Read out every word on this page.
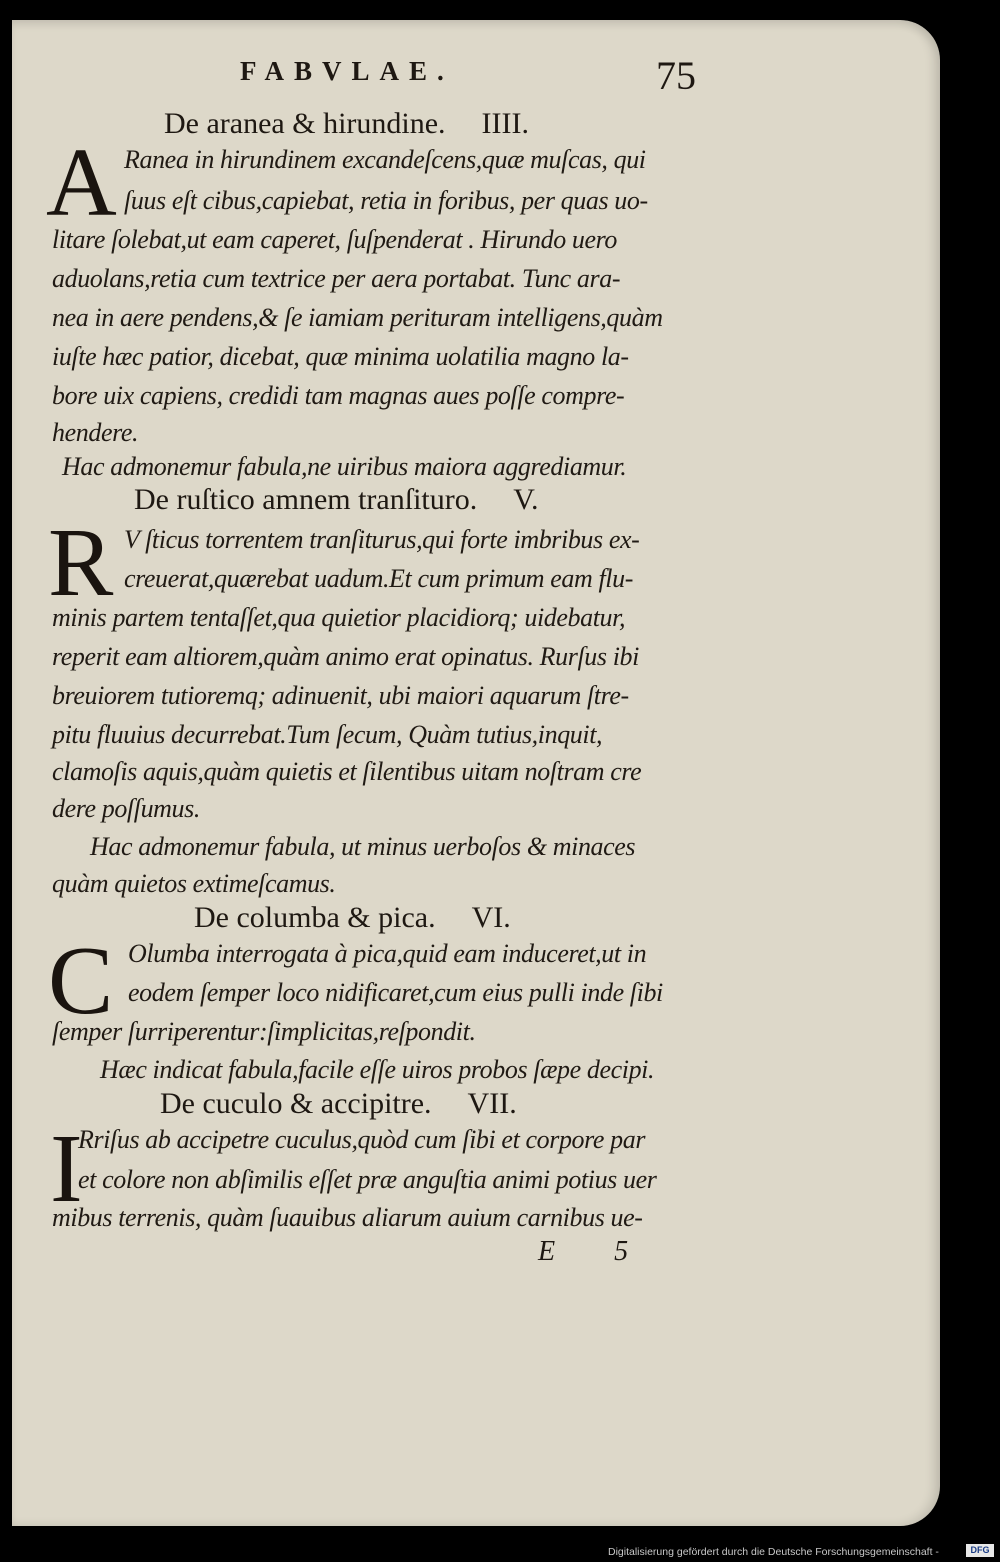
FABVLAE.	75

De aranea & hirundine. IIII.

A Ranea in hirundinem excandeſcens,quæ muſcas, qui

ſuus eſt cibus,capiebat, retia in foribus, per quas uo-

litare ſolebat,ut eam caperet, ſuſpenderat . Hirundo uero

aduolans,retia cum textrice per aera portabat. Tunc ara-

nea in aere pendens,& ſe iamiam perituram intelligens,quàm

iuſte hæc patior, dicebat, quæ minima uolatilia magno la-

bore uix capiens, credidi tam magnas aues poſſe compre-

hendere.

Hac admonemur fabula,ne uiribus maiora aggrediamur.

De ruſtico amnem tranſituro. V.

R V ſticus torrentem tranſiturus,qui forte imbribus ex-

creuerat,quærebat uadum.Et cum primum eam flu-

minis partem tentaſſet,qua quietior placidiorq; uidebatur,

reperit eam altiorem,quàm animo erat opinatus. Rurſus ibi

breuiorem tutioremq; adinuenit, ubi maiori aquarum ſtre-

pitu fluuius decurrebat.Tum ſecum, Quàm tutius,inquit,

clamoſis aquis,quàm quietis et ſilentibus uitam noſtram cre

dere poſſumus.

Hac admonemur fabula, ut minus uerboſos & minaces

quàm quietos extimeſcamus.

De columba & pica. VI.

C Olumba interrogata à pica,quid eam induceret,ut in

eodem ſemper loco nidificaret,cum eius pulli inde ſibi

ſemper ſurriperentur:ſimplicitas,reſpondit.

Hæc indicat fabula,facile eſſe uiros probos ſæpe decipi.

De cuculo & accipitre. VII.

I

Rriſus ab accipetre cuculus,quòd cum ſibi et corpore par

et colore non abſimilis eſſet præ anguſtia animi potius uer

mibus terrenis, quàm ſuauibus aliarum auium carnibus ue-

E 5

Digitalisierung gefördert durch die Deutsche Forschungsgemeinschaft -	DFG
